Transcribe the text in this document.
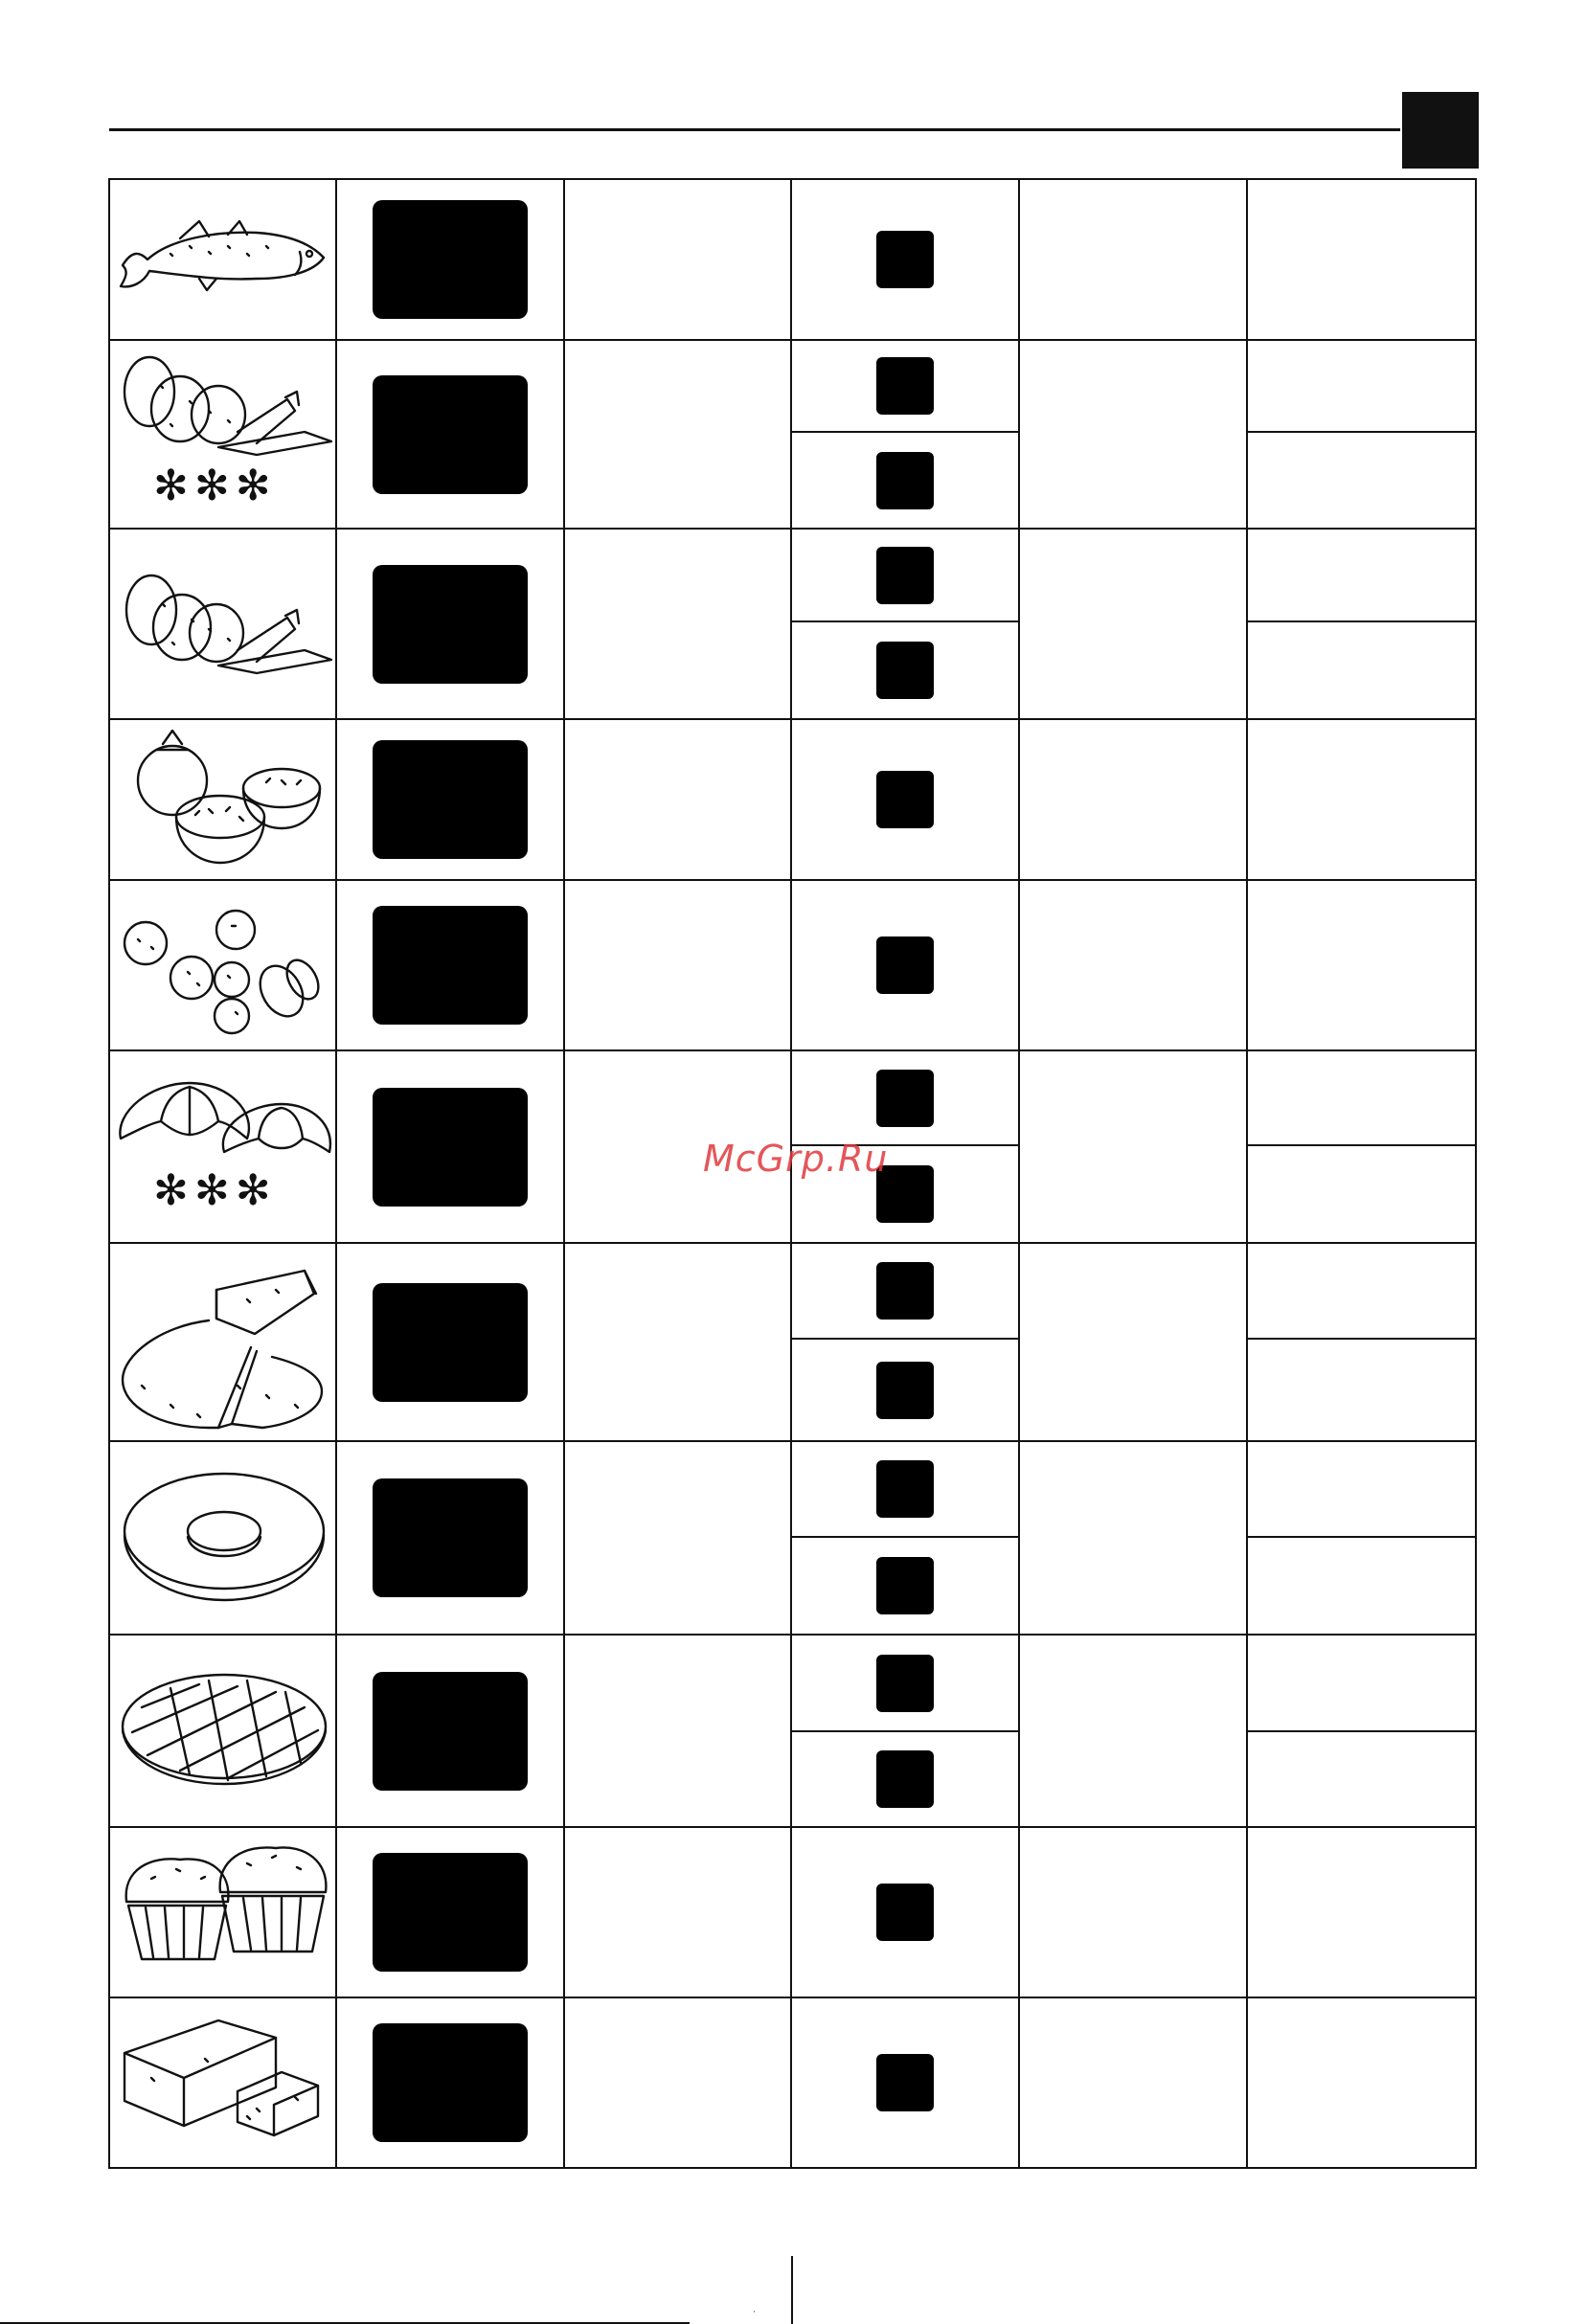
✻✻✻
✻✻✻
McGrp.Ru
·
